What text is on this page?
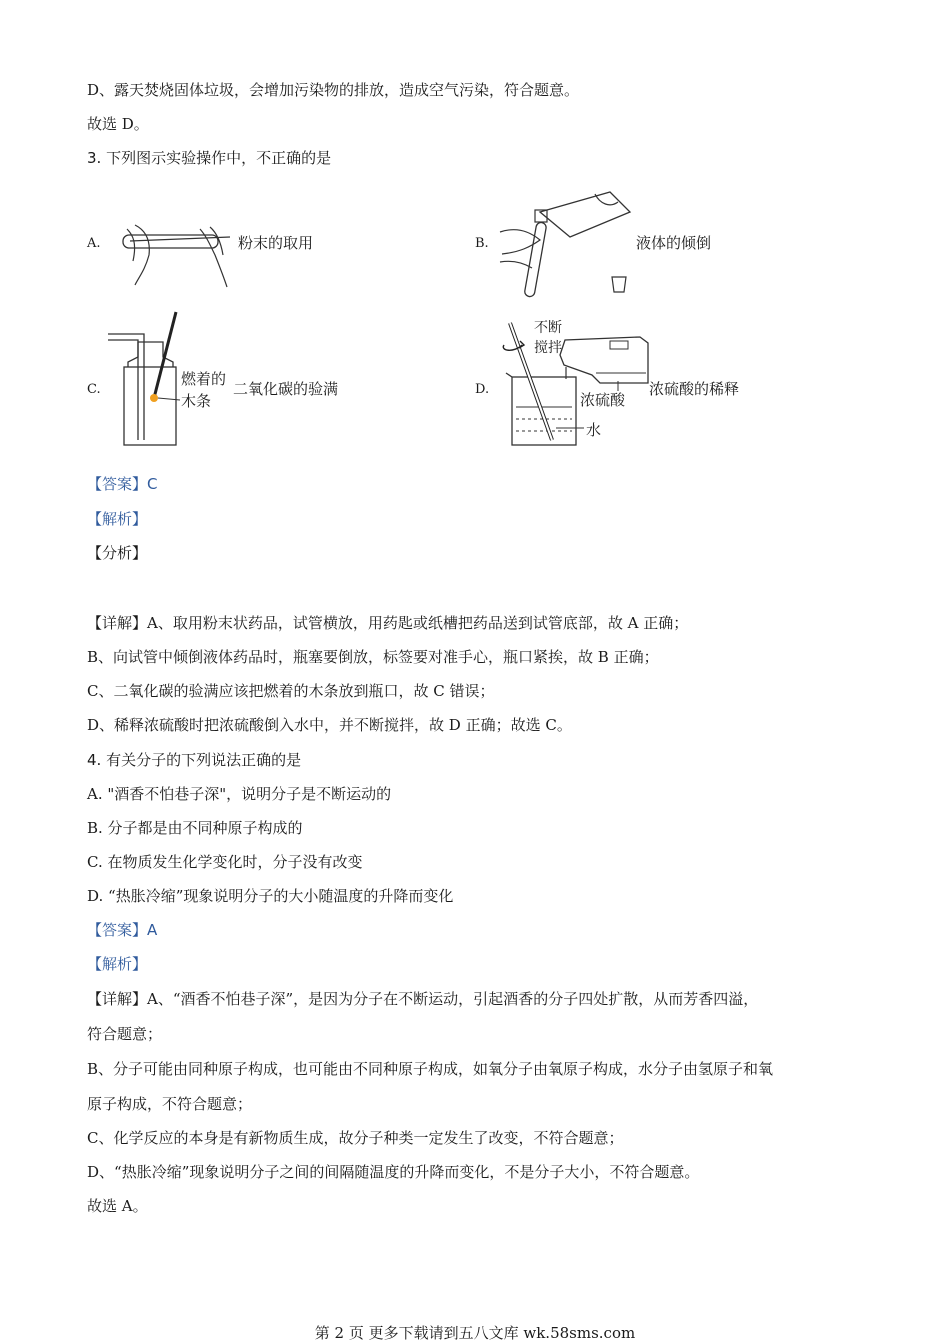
D、露天焚烧固体垃圾，会增加污染物的排放，造成空气污染，符合题意。
故选 D。
3. 下列图示实验操作中，不正确的是
A.	粉末的取用	B.	液体的倾倒
C.
燃着的
木条
二氧化碳的验满	D.
不断
搅拌
浓硫酸
水
浓硫酸的稀释
【答案】C
【解析】
【分析】
【详解】A、取用粉末状药品，试管横放，用药匙或纸槽把药品送到试管底部，故 A 正确；
B、向试管中倾倒液体药品时，瓶塞要倒放，标签要对准手心，瓶口紧挨，故 B 正确；
C、二氧化碳的验满应该把燃着的木条放到瓶口，故 C 错误；
D、稀释浓硫酸时把浓硫酸倒入水中，并不断搅拌，故 D 正确；故选 C。
4. 有关分子的下列说法正确的是
A. "酒香不怕巷子深"，说明分子是不断运动的
B. 分子都是由不同种原子构成的
C. 在物质发生化学变化时，分子没有改变
D. “热胀冷缩”现象说明分子的大小随温度的升降而变化
【答案】A
【解析】
【详解】A、“酒香不怕巷子深”，是因为分子在不断运动，引起酒香的分子四处扩散，从而芳香四溢，
符合题意；
B、分子可能由同种原子构成，也可能由不同种原子构成，如氧分子由氧原子构成，水分子由氢原子和氧
原子构成，不符合题意；
C、化学反应的本身是有新物质生成，故分子种类一定发生了改变，不符合题意；
D、“热胀冷缩”现象说明分子之间的间隔随温度的升降而变化，不是分子大小，不符合题意。
故选 A。
第 2 页 更多下载请到五八文库 wk.58sms.com
